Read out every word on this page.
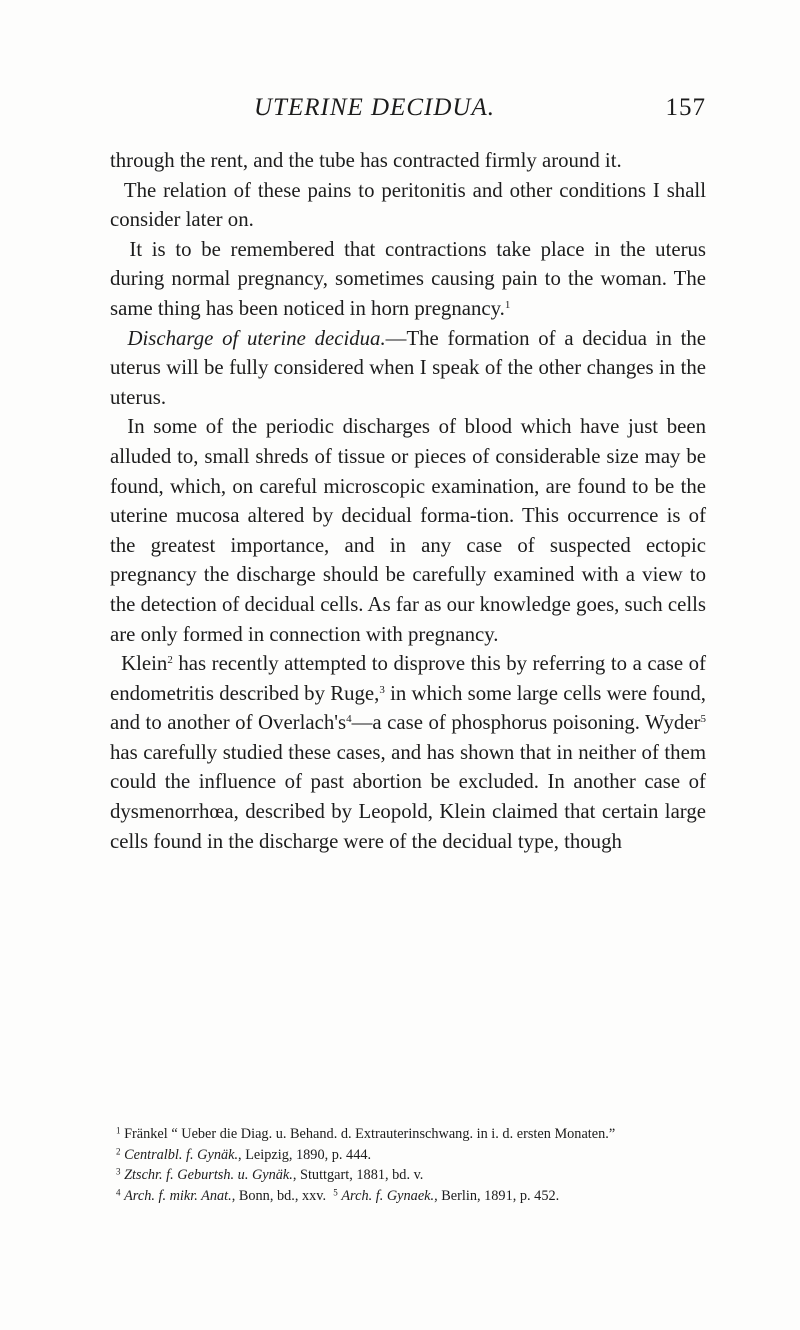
UTERINE DECIDUA.	157

through the rent, and the tube has contracted firmly around it.

The relation of these pains to peritonitis and other conditions I shall consider later on.

It is to be remembered that contractions take place in the uterus during normal pregnancy, sometimes causing pain to the woman. The same thing has been noticed in horn pregnancy.$^1$

Discharge of uterine decidua.—The formation of a decidua in the uterus will be fully considered when I speak of the other changes in the uterus.

In some of the periodic discharges of blood which have just been alluded to, small shreds of tissue or pieces of considerable size may be found, which, on careful microscopic examination, are found to be the uterine mucosa altered by decidual forma-tion. This occurrence is of the greatest importance, and in any case of suspected ectopic pregnancy the discharge should be carefully examined with a view to the detection of decidual cells. As far as our knowledge goes, such cells are only formed in connection with pregnancy.

Klein$^2$ has recently attempted to disprove this by referring to a case of endometritis described by Ruge,$^3$ in which some large cells were found, and to another of $Overlach's^4—a$ case of phosphorus poisoning. Wyder$^5$ has carefully studied these cases, and has shown that in neither of them could the influence of past abortion be excluded. In another case of dysmenorrhœa, described by Leopold, Klein claimed that certain large cells found in the discharge were of the decidual type, though

$^1$ Fränkel “ Ueber die Diag. u. Behand. d. Extrauterinschwang. in i. d. ersten Monaten.”

$^2$ Centralbl. f. Gynäk., Leipzig, 1890, p. 444.

$^3$ Ztschr. f. Geburtsh. u. Gynäk., Stuttgart, 1881, bd. v.

$^4$ Arch. f. mikr. Anat., Bonn, bd., xxv. $^5$ Arch. f. Gynaek., Berlin, 1891, p. 452.
